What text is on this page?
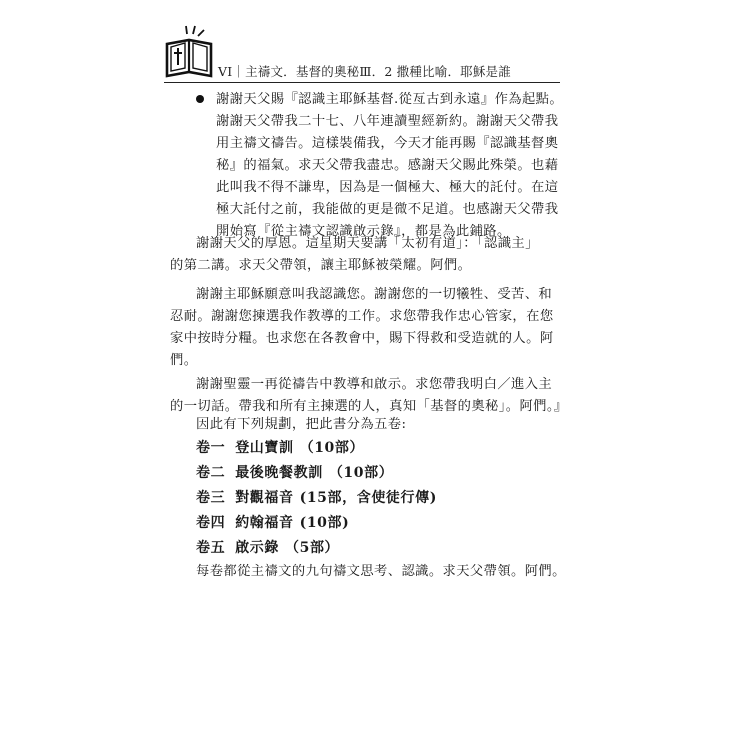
VI｜主禱文．基督的奧秘Ⅲ．2 撒種比喻．耶穌是誰
謝謝天父賜『認識主耶穌基督.從亙古到永遠』作為起點。
謝謝天父帶我二十七、八年連讀聖經新約。謝謝天父帶我
用主禱文禱告。這樣裝備我，今天才能再賜『認識基督奧
秘』的福氣。求天父帶我盡忠。感謝天父賜此殊榮。也藉
此叫我不得不謙卑，因為是一個極大、極大的託付。在這
極大託付之前，我能做的更是微不足道。也感謝天父帶我
開始寫『從主禱文認識啟示錄』，都是為此鋪路。
謝謝天父的厚恩。這星期天要講「太初有道」：「認識主」
的第二講。求天父帶領，讓主耶穌被榮耀。阿們。
謝謝主耶穌願意叫我認識您。謝謝您的一切犧牲、受苦、和
忍耐。謝謝您揀選我作教導的工作。求您帶我作忠心管家，在您
家中按時分糧。也求您在各教會中，賜下得救和受造就的人。阿
們。
謝謝聖靈一再從禱告中教導和啟示。求您帶我明白／進入主
的一切話。帶我和所有主揀選的人，真知「基督的奧秘」。阿們。』
因此有下列規劃，把此書分為五卷:
卷一 登山寶訓 （10部）
卷二 最後晚餐教訓 （10部）
卷三 對觀福音 (15部，含使徒行傳)
卷四 約翰福音 (10部)
卷五 啟示錄 （5部）
每卷都從主禱文的九句禱文思考、認識。求天父帶領。阿們。
